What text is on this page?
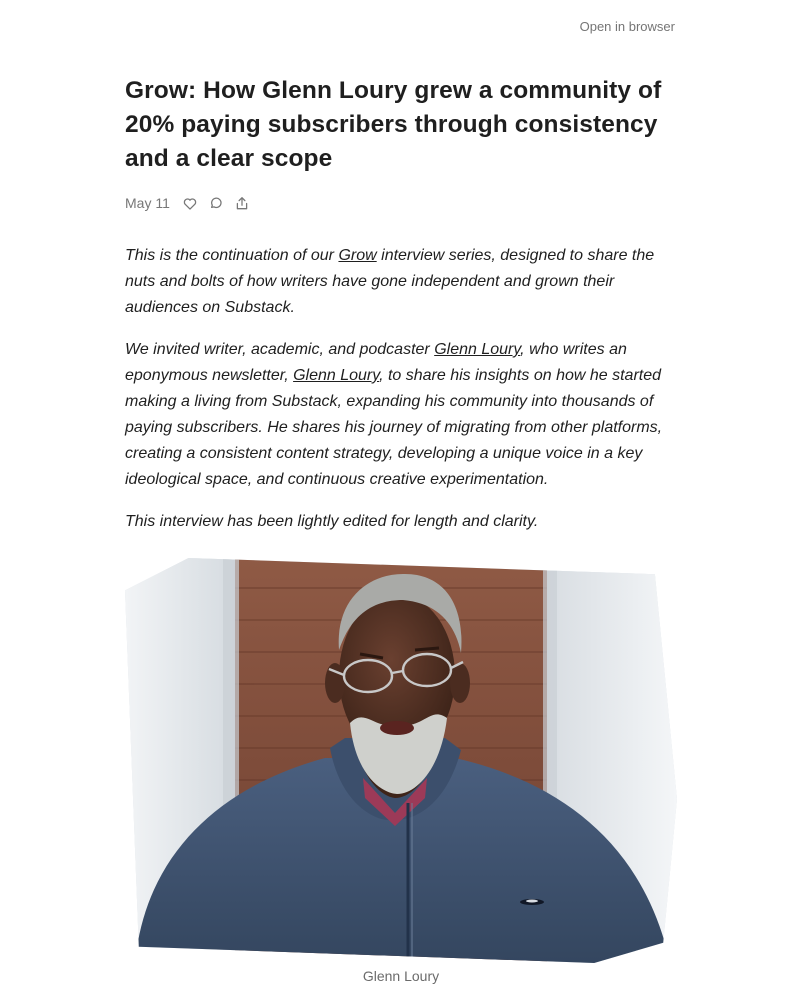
Open in browser
Grow: How Glenn Loury grew a community of 20% paying subscribers through consistency and a clear scope
May 11

This is the continuation of our Grow interview series, designed to share the nuts and bolts of how writers have gone independent and grown their audiences on Substack.

We invited writer, academic, and podcaster Glenn Loury, who writes an eponymous newsletter, Glenn Loury, to share his insights on how he started making a living from Substack, expanding his community into thousands of paying subscribers. He shares his journey of migrating from other platforms, creating a consistent content strategy, developing a unique voice in a key ideological space, and continuous creative experimentation.

This interview has been lightly edited for length and clarity.

Glenn Loury
